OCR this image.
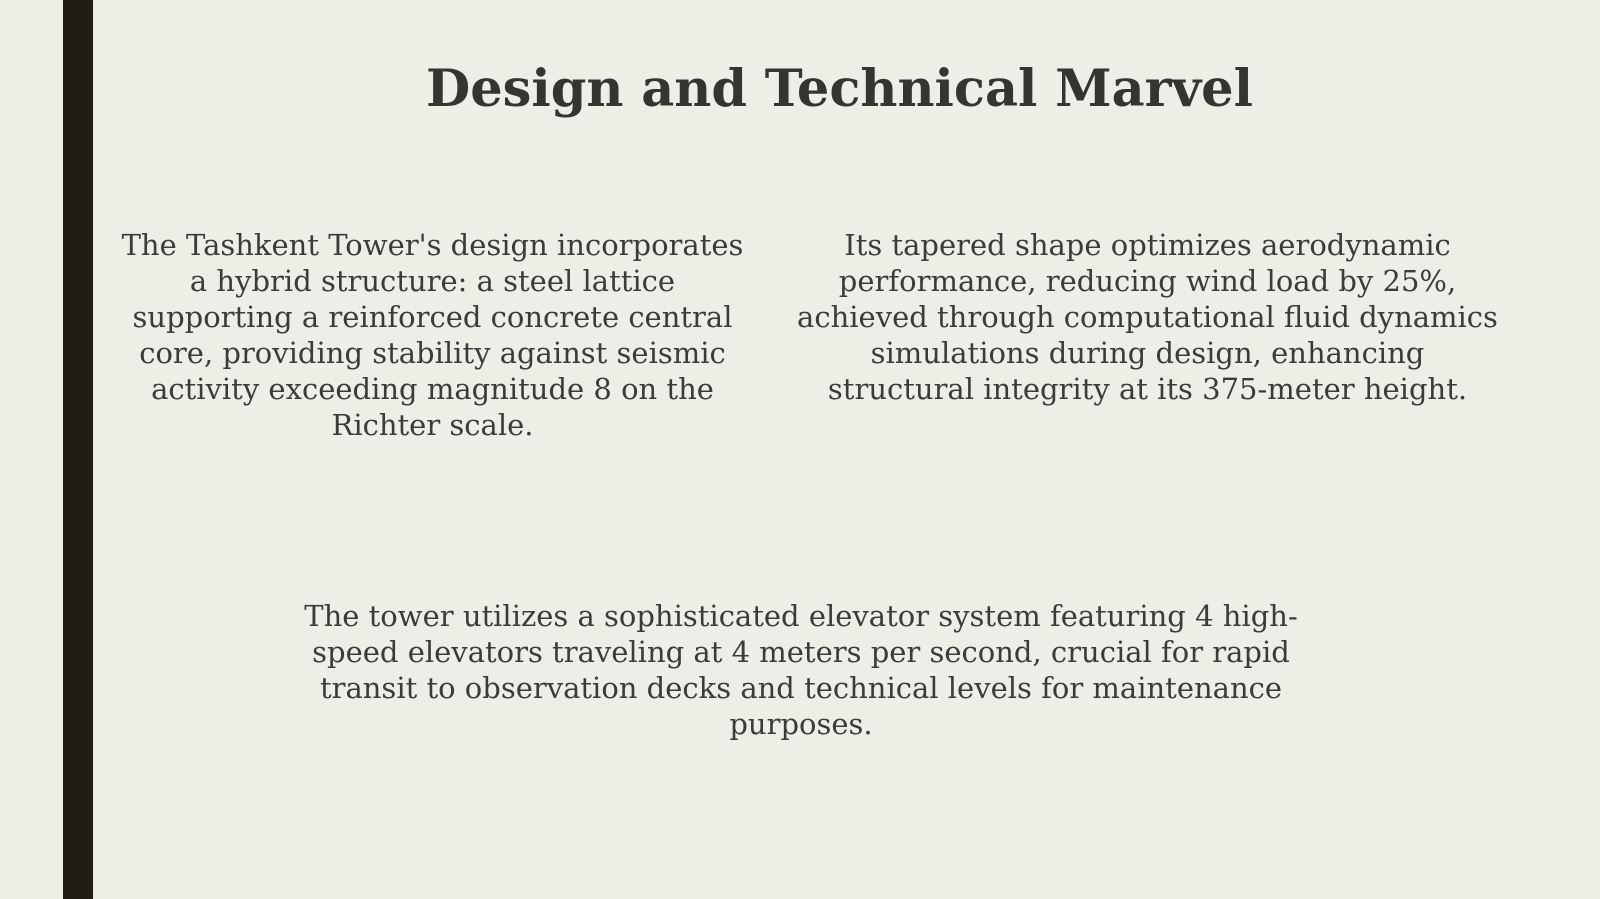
Design and Technical Marvel

The Tashkent Tower's design incorporates a hybrid structure: a steel lattice supporting a reinforced concrete central core, providing stability against seismic activity exceeding magnitude 8 on the Richter scale.

Its tapered shape optimizes aerodynamic performance, reducing wind load by 25%, achieved through computational fluid dynamics simulations during design, enhancing structural integrity at its 375-meter height.

The tower utilizes a sophisticated elevator system featuring 4 high-speed elevators traveling at 4 meters per second, crucial for rapid transit to observation decks and technical levels for maintenance purposes.
